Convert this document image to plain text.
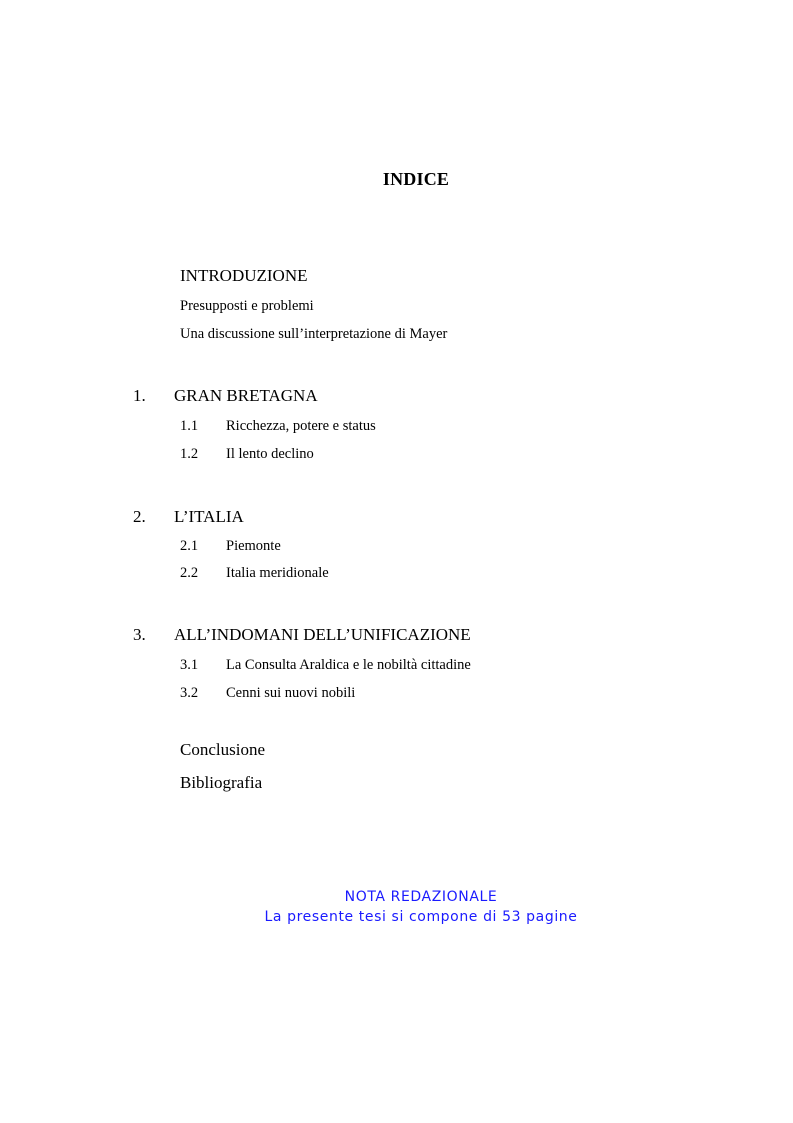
INDICE
INTRODUZIONE
Presupposti e problemi
Una discussione sull’interpretazione di Mayer
1. GRAN BRETAGNA
1.1 Ricchezza, potere e status
1.2 Il lento declino
2. L’ITALIA
2.1 Piemonte
2.2 Italia meridionale
3. ALL’INDOMANI DELL’UNIFICAZIONE
3.1 La Consulta Araldica e le nobiltà cittadine
3.2 Cenni sui nuovi nobili
Conclusione
Bibliografia
NOTA REDAZIONALE
La presente tesi si compone di 53 pagine
